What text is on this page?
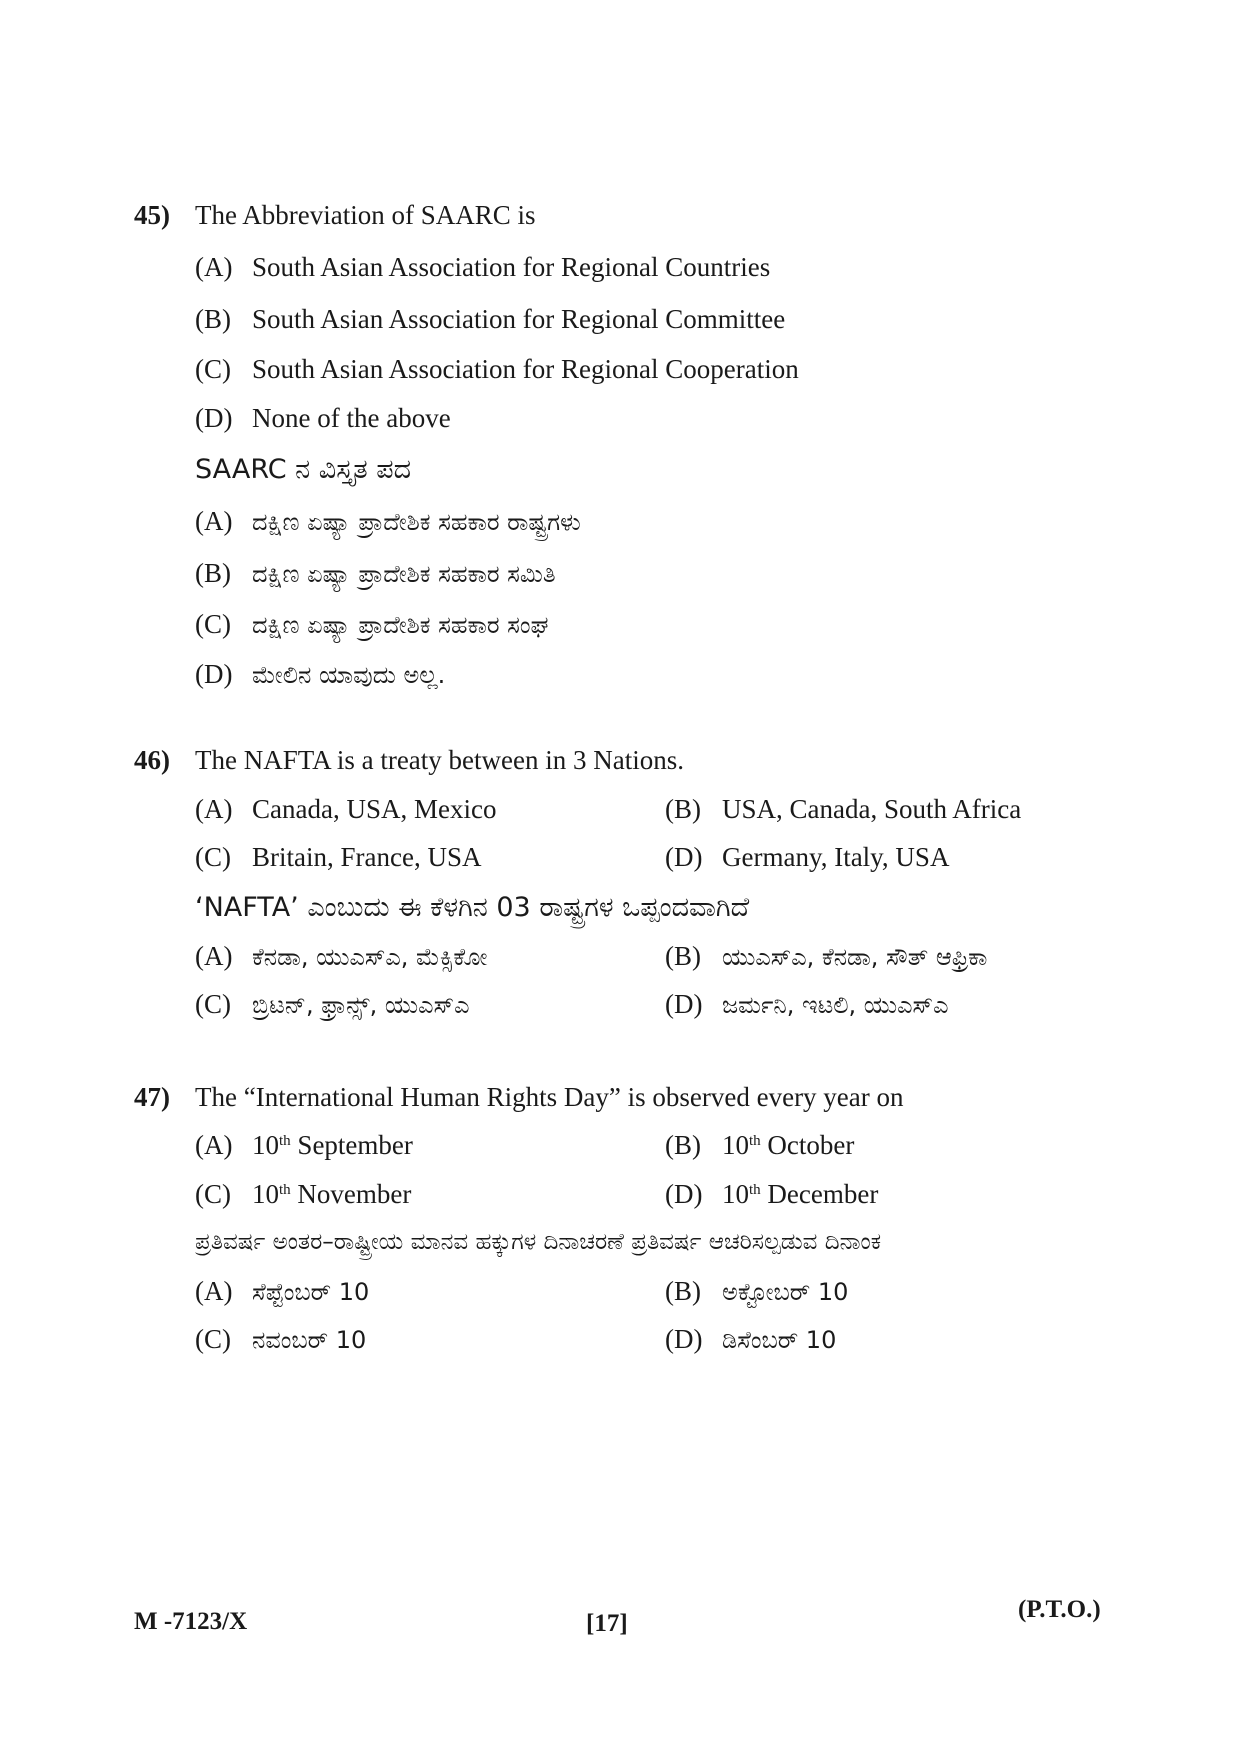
45) The Abbreviation of SAARC is
(A) South Asian Association for Regional Countries
(B) South Asian Association for Regional Committee
(C) South Asian Association for Regional Cooperation
(D) None of the above
SAARC ನ ವಿಸ್ತೃತ ಪದ
(A) ದಕ್ಷಿಣ ಏಷ್ಯಾ ಪ್ರಾದೇಶಿಕ ಸಹಕಾರ ರಾಷ್ಟ್ರಗಳು
(B) ದಕ್ಷಿಣ ಏಷ್ಯಾ ಪ್ರಾದೇಶಿಕ ಸಹಕಾರ ಸಮಿತಿ
(C) ದಕ್ಷಿಣ ಏಷ್ಯಾ ಪ್ರಾದೇಶಿಕ ಸಹಕಾರ ಸಂಘ
(D) ಮೇಲಿನ ಯಾವುದು ಅಲ್ಲ.
46) The NAFTA is a treaty between in 3 Nations.
(A) Canada, USA, Mexico	(B) USA, Canada, South Africa
(C) Britain, France, USA	(D) Germany, Italy, USA
‘NAFTA’ ಎಂಬುದು ಈ ಕೆಳಗಿನ 03 ರಾಷ್ಟ್ರಗಳ ಒಪ್ಪಂದವಾಗಿದೆ
(A) ಕೆನಡಾ, ಯುಎಸ್ಎ, ಮೆಕ್ಸಿಕೋ	(B) ಯುಎಸ್ಎ, ಕೆನಡಾ, ಸೌತ್ ಆಫ್ರಿಕಾ
(C) ಬ್ರಿಟನ್, ಫ್ರಾನ್ಸ್, ಯುಎಸ್ಎ	(D) ಜರ್ಮನಿ, ಇಟಲಿ, ಯುಎಸ್ಎ
47) The “International Human Rights Day” is observed every year on
(A) 10th September	(B) 10th October
(C) 10th November	(D) 10th December
ಪ್ರತಿವರ್ಷ ಅಂತರ–ರಾಷ್ಟ್ರೀಯ ಮಾನವ ಹಕ್ಕುಗಳ ದಿನಾಚರಣೆ ಪ್ರತಿವರ್ಷ ಆಚರಿಸಲ್ಪಡುವ ದಿನಾಂಕ
(A) ಸೆಪ್ಟೆಂಬರ್ 10	(B) ಅಕ್ಟೋಬರ್ 10
(C) ನವಂಬರ್ 10	(D) ಡಿಸೆಂಬರ್ 10
M -7123/X	[17]
(P.T.O.)
